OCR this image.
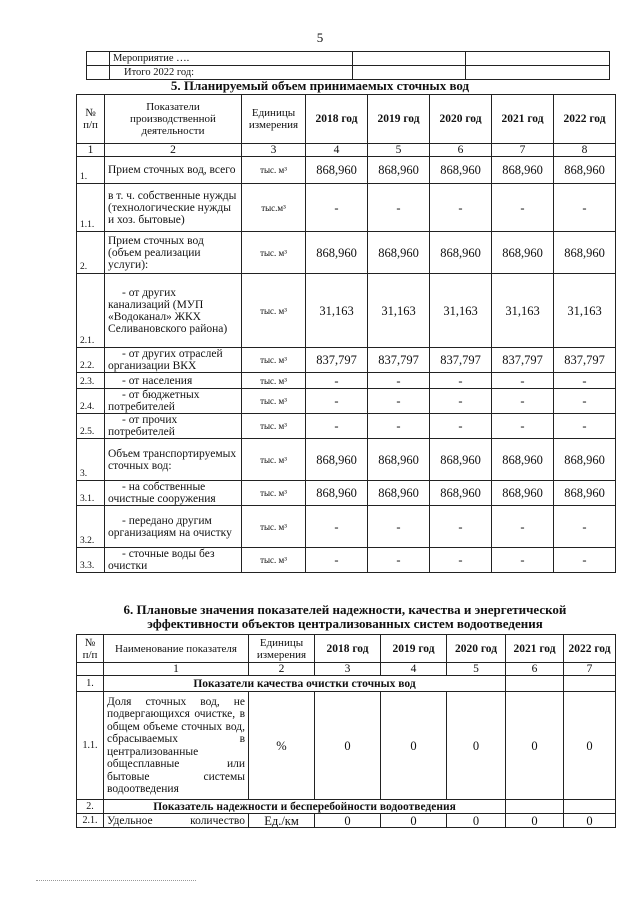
5
	Мероприятие ….		
	Итого 2022 год:		
5. Планируемый объем принимаемых сточных вод
№ п/п	Показатели производственной деятельности	Единицы измерения	2018 год	2019 год	2020 год	2021 год	2022 год
1	2	3	4	5	6	7	8
1.	Прием сточных вод, всего	тыс. м³	868,960	868,960	868,960	868,960	868,960
1.1.	в т. ч. собственные нужды (технологические нужды и хоз. бытовые)	тыс.м³	-	-	-	-	-
2.	Прием сточных вод (объем реализации услуги):	тыс. м³	868,960	868,960	868,960	868,960	868,960
2.1.	- от других канализаций (МУП «Водоканал» ЖКХ Селивановского района)	тыс. м³	31,163	31,163	31,163	31,163	31,163
2.2.	- от других отраслей организации ВКХ	тыс. м³	837,797	837,797	837,797	837,797	837,797
2.3.	- от населения	тыс. м³	-	-	-	-	-
2.4.	- от бюджетных потребителей	тыс. м³	-	-	-	-	-
2.5.	- от прочих потребителей	тыс. м³	-	-	-	-	-
3.	Объем транспортируемых сточных вод:	тыс. м³	868,960	868,960	868,960	868,960	868,960
3.1.	- на собственные очистные сооружения	тыс. м³	868,960	868,960	868,960	868,960	868,960
3.2.	- передано другим организациям на очистку	тыс. м³	-	-	-	-	-
3.3.	- сточные воды без очистки	тыс. м³	-	-	-	-	-
6. Плановые значения показателей надежности, качества и энергетической эффективности объектов централизованных систем водоотведения
№ п/п	Наименование показателя	Единицы измерения	2018 год	2019 год	2020 год	2021 год	2022 год
	1	2	3	4	5	6	7
1.	Показатели качества очистки сточных вод						
1.1.	Доля сточных вод, не подвергающихся очистке, в общем объеме сточных вод, сбрасываемых в централизованные общесплавные или бытовые системы водоотведения	%	0	0	0	0	0
2.	Показатель надежности и бесперебойности водоотведения						
2.1.	Удельное количество	Ед./км	0	0	0	0	0
